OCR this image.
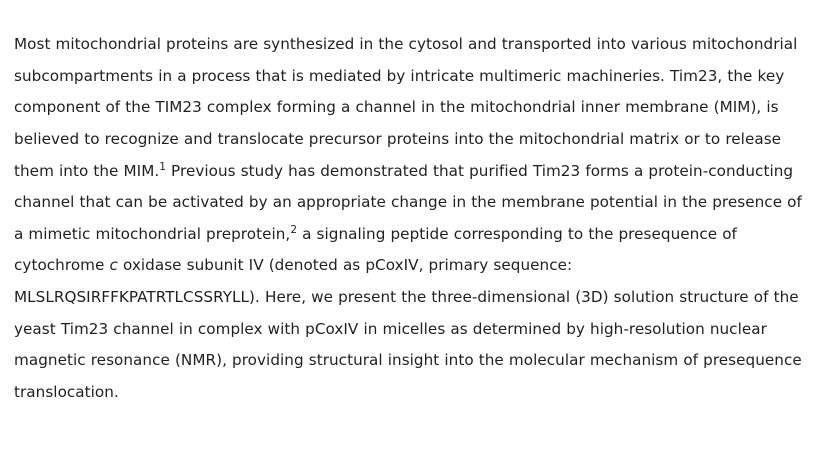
Most mitochondrial proteins are synthesized in the cytosol and transported into various mitochondrial subcompartments in a process that is mediated by intricate multimeric machineries. Tim23, the key component of the TIM23 complex forming a channel in the mitochondrial inner membrane (MIM), is believed to recognize and translocate precursor proteins into the mitochondrial matrix or to release them into the MIM.$^1$ Previous study has demonstrated that purified Tim23 forms a protein-conducting channel that can be activated by an appropriate change in the membrane potential in the presence of a mimetic mitochondrial preprotein,$^2$ a signaling peptide corresponding to the presequence of cytochrome c oxidase subunit IV (denoted as pCoxIV, primary sequence: MLSLRQSIRFFKPATRTLCSSRYLL). Here, we present the three-dimensional (3D) solution structure of the yeast Tim23 channel in complex with pCoxIV in micelles as determined by high-resolution nuclear magnetic resonance (NMR), providing structural insight into the molecular mechanism of presequence translocation.
